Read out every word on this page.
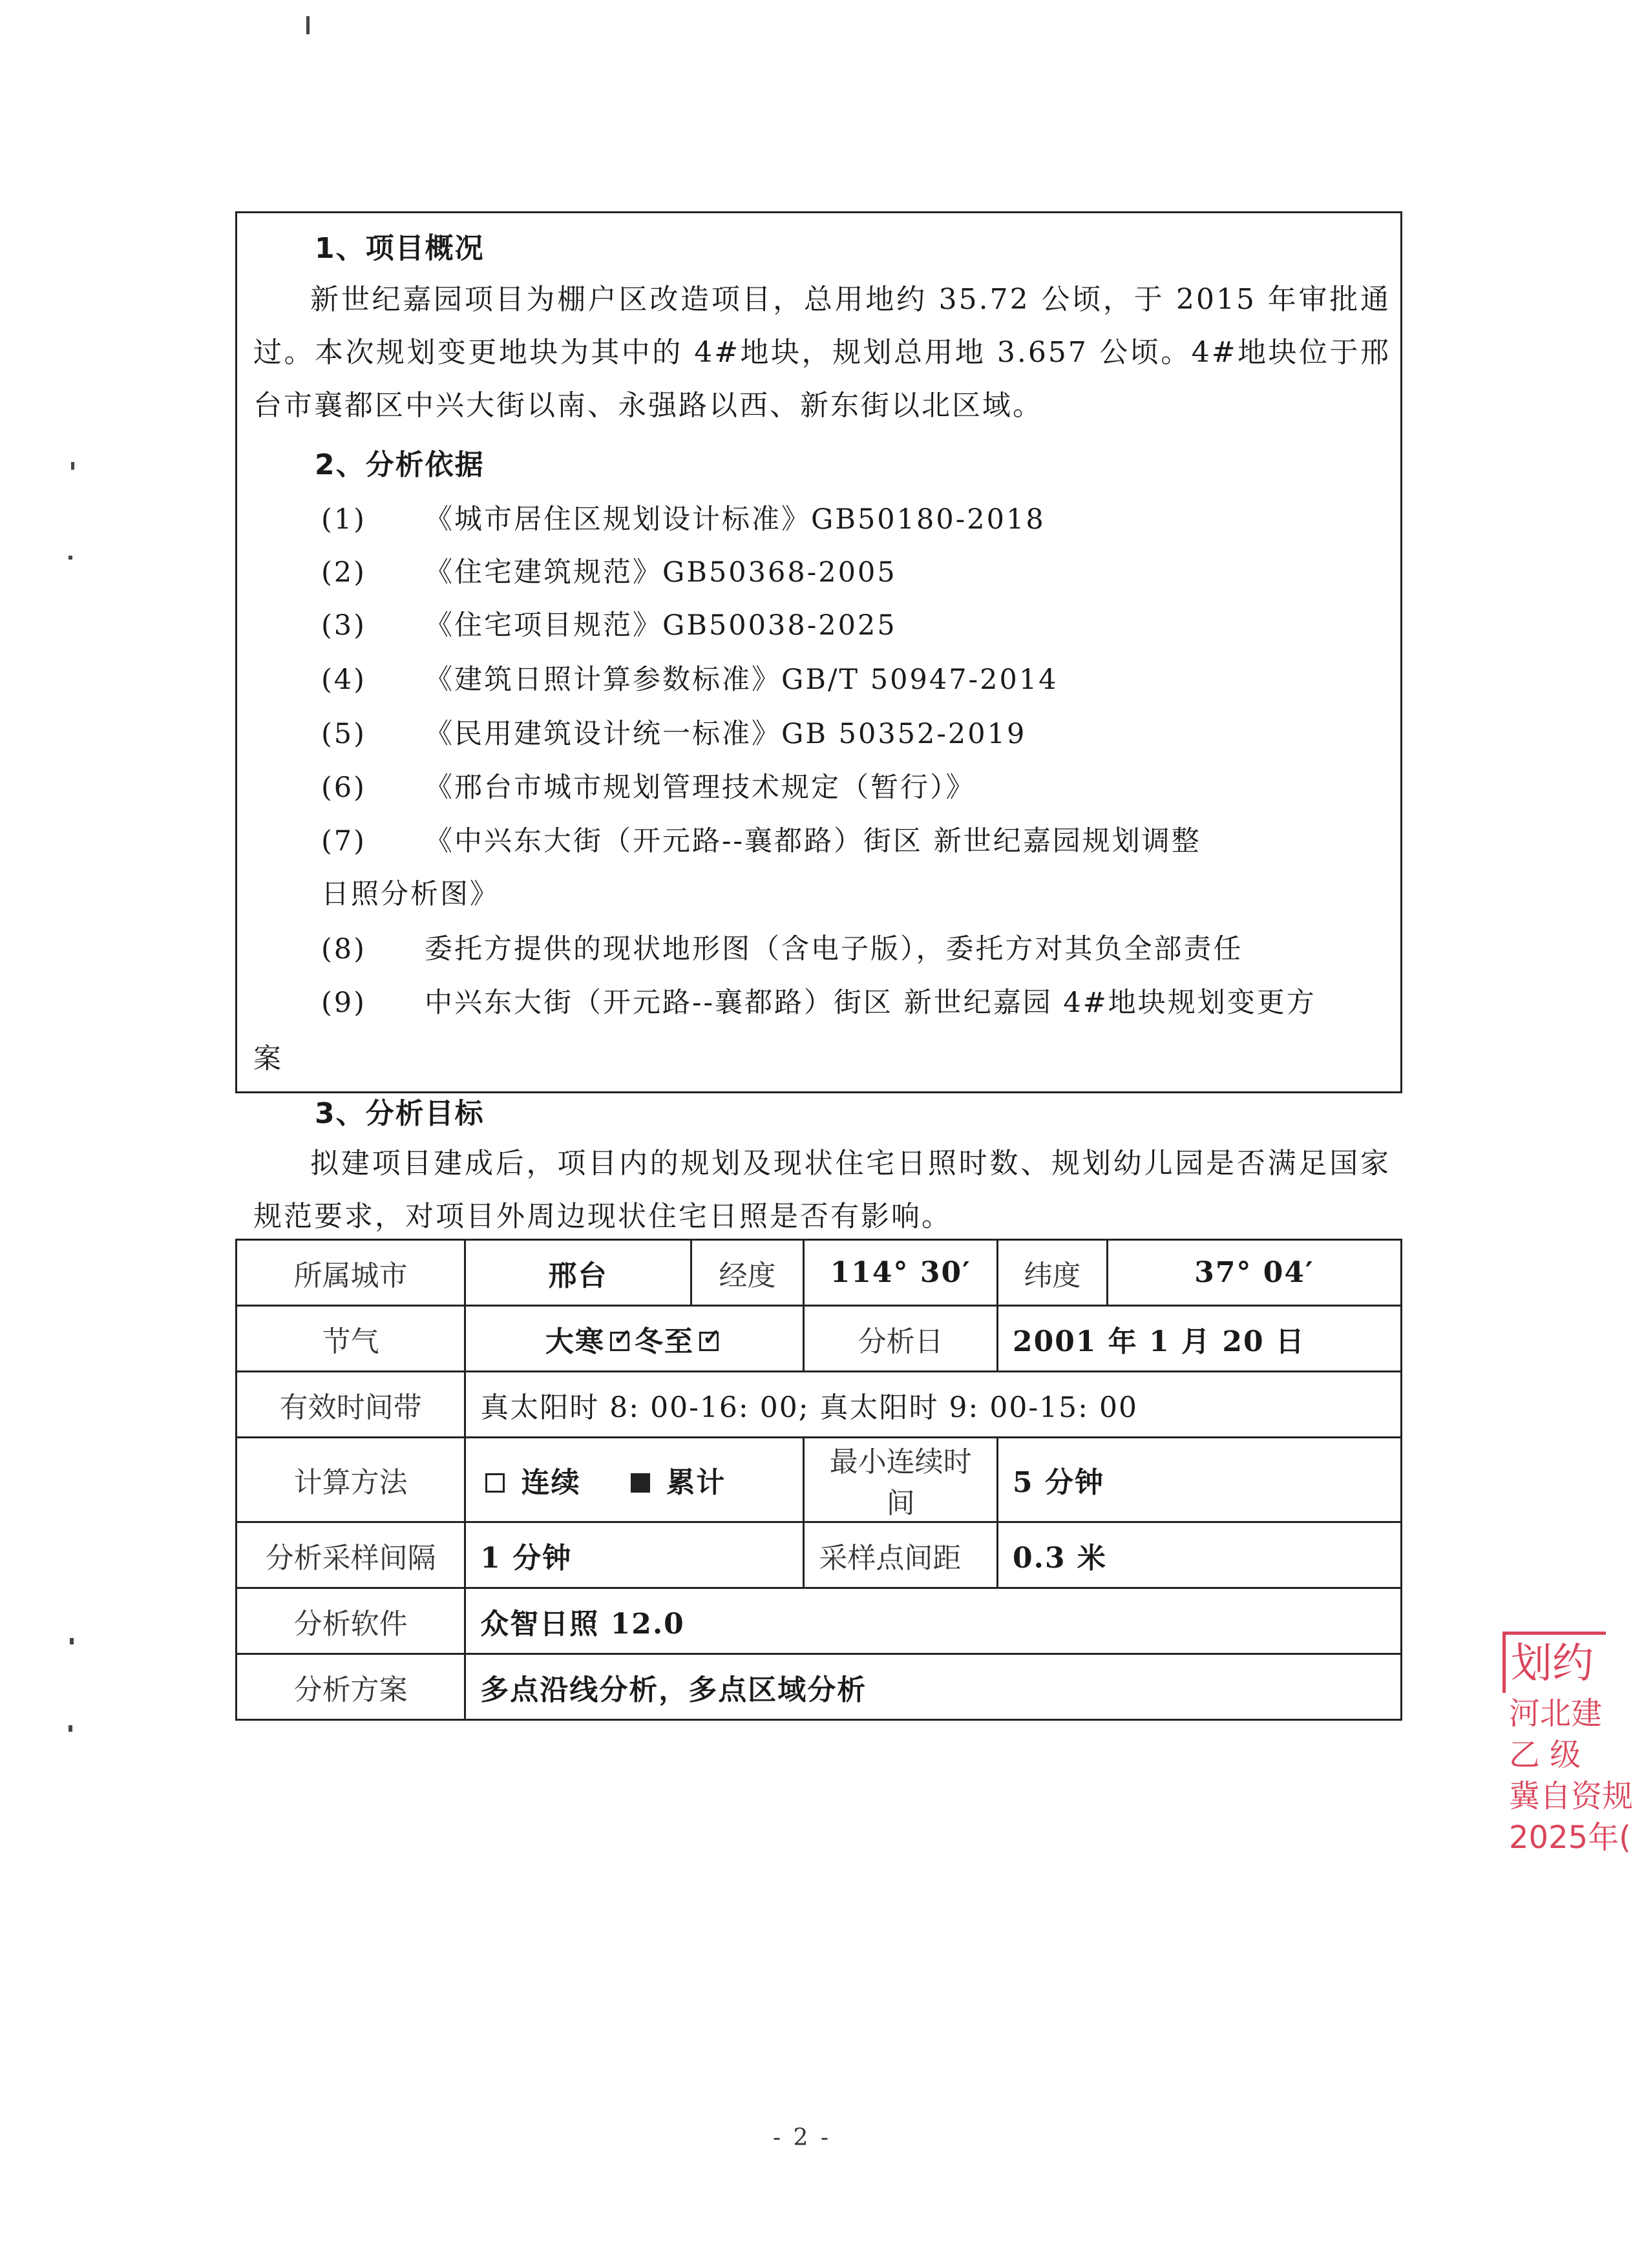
1、项目概况
新世纪嘉园项目为棚户区改造项目，总用地约 35.72 公顷，于 2015 年审批通过。本次规划变更地块为其中的 4#地块，规划总用地 3.657 公顷。4#地块位于邢台市襄都区中兴大街以南、永强路以西、新东街以北区域。
2、分析依据
(1) 《城市居住区规划设计标准》GB50180-2018
(2) 《住宅建筑规范》GB50368-2005
(3) 《住宅项目规范》GB50038-2025
(4) 《建筑日照计算参数标准》GB/T 50947-2014
(5) 《民用建筑设计统一标准》GB 50352-2019
(6) 《邢台市城市规划管理技术规定（暂行）》
(7) 《中兴东大街（开元路--襄都路）街区 新世纪嘉园规划调整
日照分析图》
(8) 委托方提供的现状地形图（含电子版），委托方对其负全部责任
(9) 中兴东大街（开元路--襄都路）街区 新世纪嘉园 4#地块规划变更方
案
3、分析目标
拟建项目建成后，项目内的规划及现状住宅日照时数、规划幼儿园是否满足国家规范要求，对项目外周边现状住宅日照是否有影响。
所属城市	邢台	经度	114° 30′	纬度	37° 04′
节气	大寒 ✓ 冬至✓		分析日	2001 年 1 月 20 日	
有效时间带	真太阳时 8: 00-16: 00; 真太阳时 9: 00-15: 00				
计算方法	连续 累计		最小连续时间	5 分钟	
分析采样间隔	1 分钟		采样点间距	0.3 米	
分析软件	众智日照 12.0				
分析方案	多点沿线分析，多点区域分析				
划约
河北建
乙 级
冀自资规
2025年(
- 2 -
